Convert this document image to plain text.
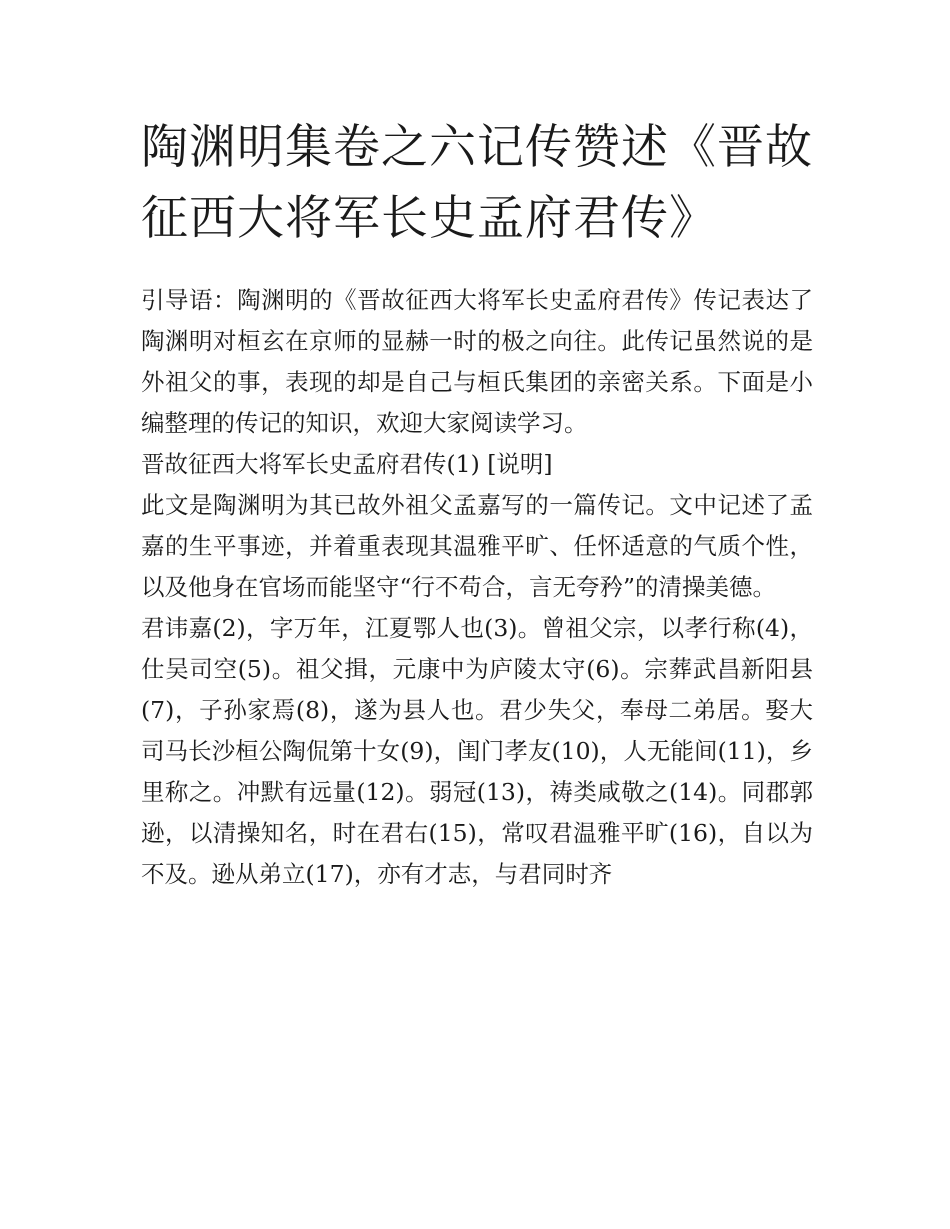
陶渊明集卷之六记传赞述《晋故征西大将军长史孟府君传》

引导语：陶渊明的《晋故征西大将军长史孟府君传》传记表达了陶渊明对桓玄在京师的显赫一时的极之向往。此传记虽然说的是外祖父的事，表现的却是自己与桓氏集团的亲密关系。下面是小编整理的传记的知识，欢迎大家阅读学习。

晋故征西大将军长史孟府君传(1) [说明]

此文是陶渊明为其已故外祖父孟嘉写的一篇传记。文中记述了孟嘉的生平事迹，并着重表现其温雅平旷、任怀适意的气质个性，以及他身在官场而能坚守“行不苟合，言无夸矜”的清操美德。

君讳嘉(2)，字万年，江夏鄂人也(3)。曾祖父宗，以孝行称(4)，仕吴司空(5)。祖父揖，元康中为庐陵太守(6)。宗葬武昌新阳县(7)，子孙家焉(8)，遂为县人也。君少失父，奉母二弟居。娶大司马长沙桓公陶侃第十女(9)，闺门孝友(10)，人无能间(11)，乡里称之。冲默有远量(12)。弱冠(13)，祷类咸敬之(14)。同郡郭逊，以清操知名，时在君右(15)，常叹君温雅平旷(16)，自以为不及。逊从弟立(17)，亦有才志，与君同时齐
